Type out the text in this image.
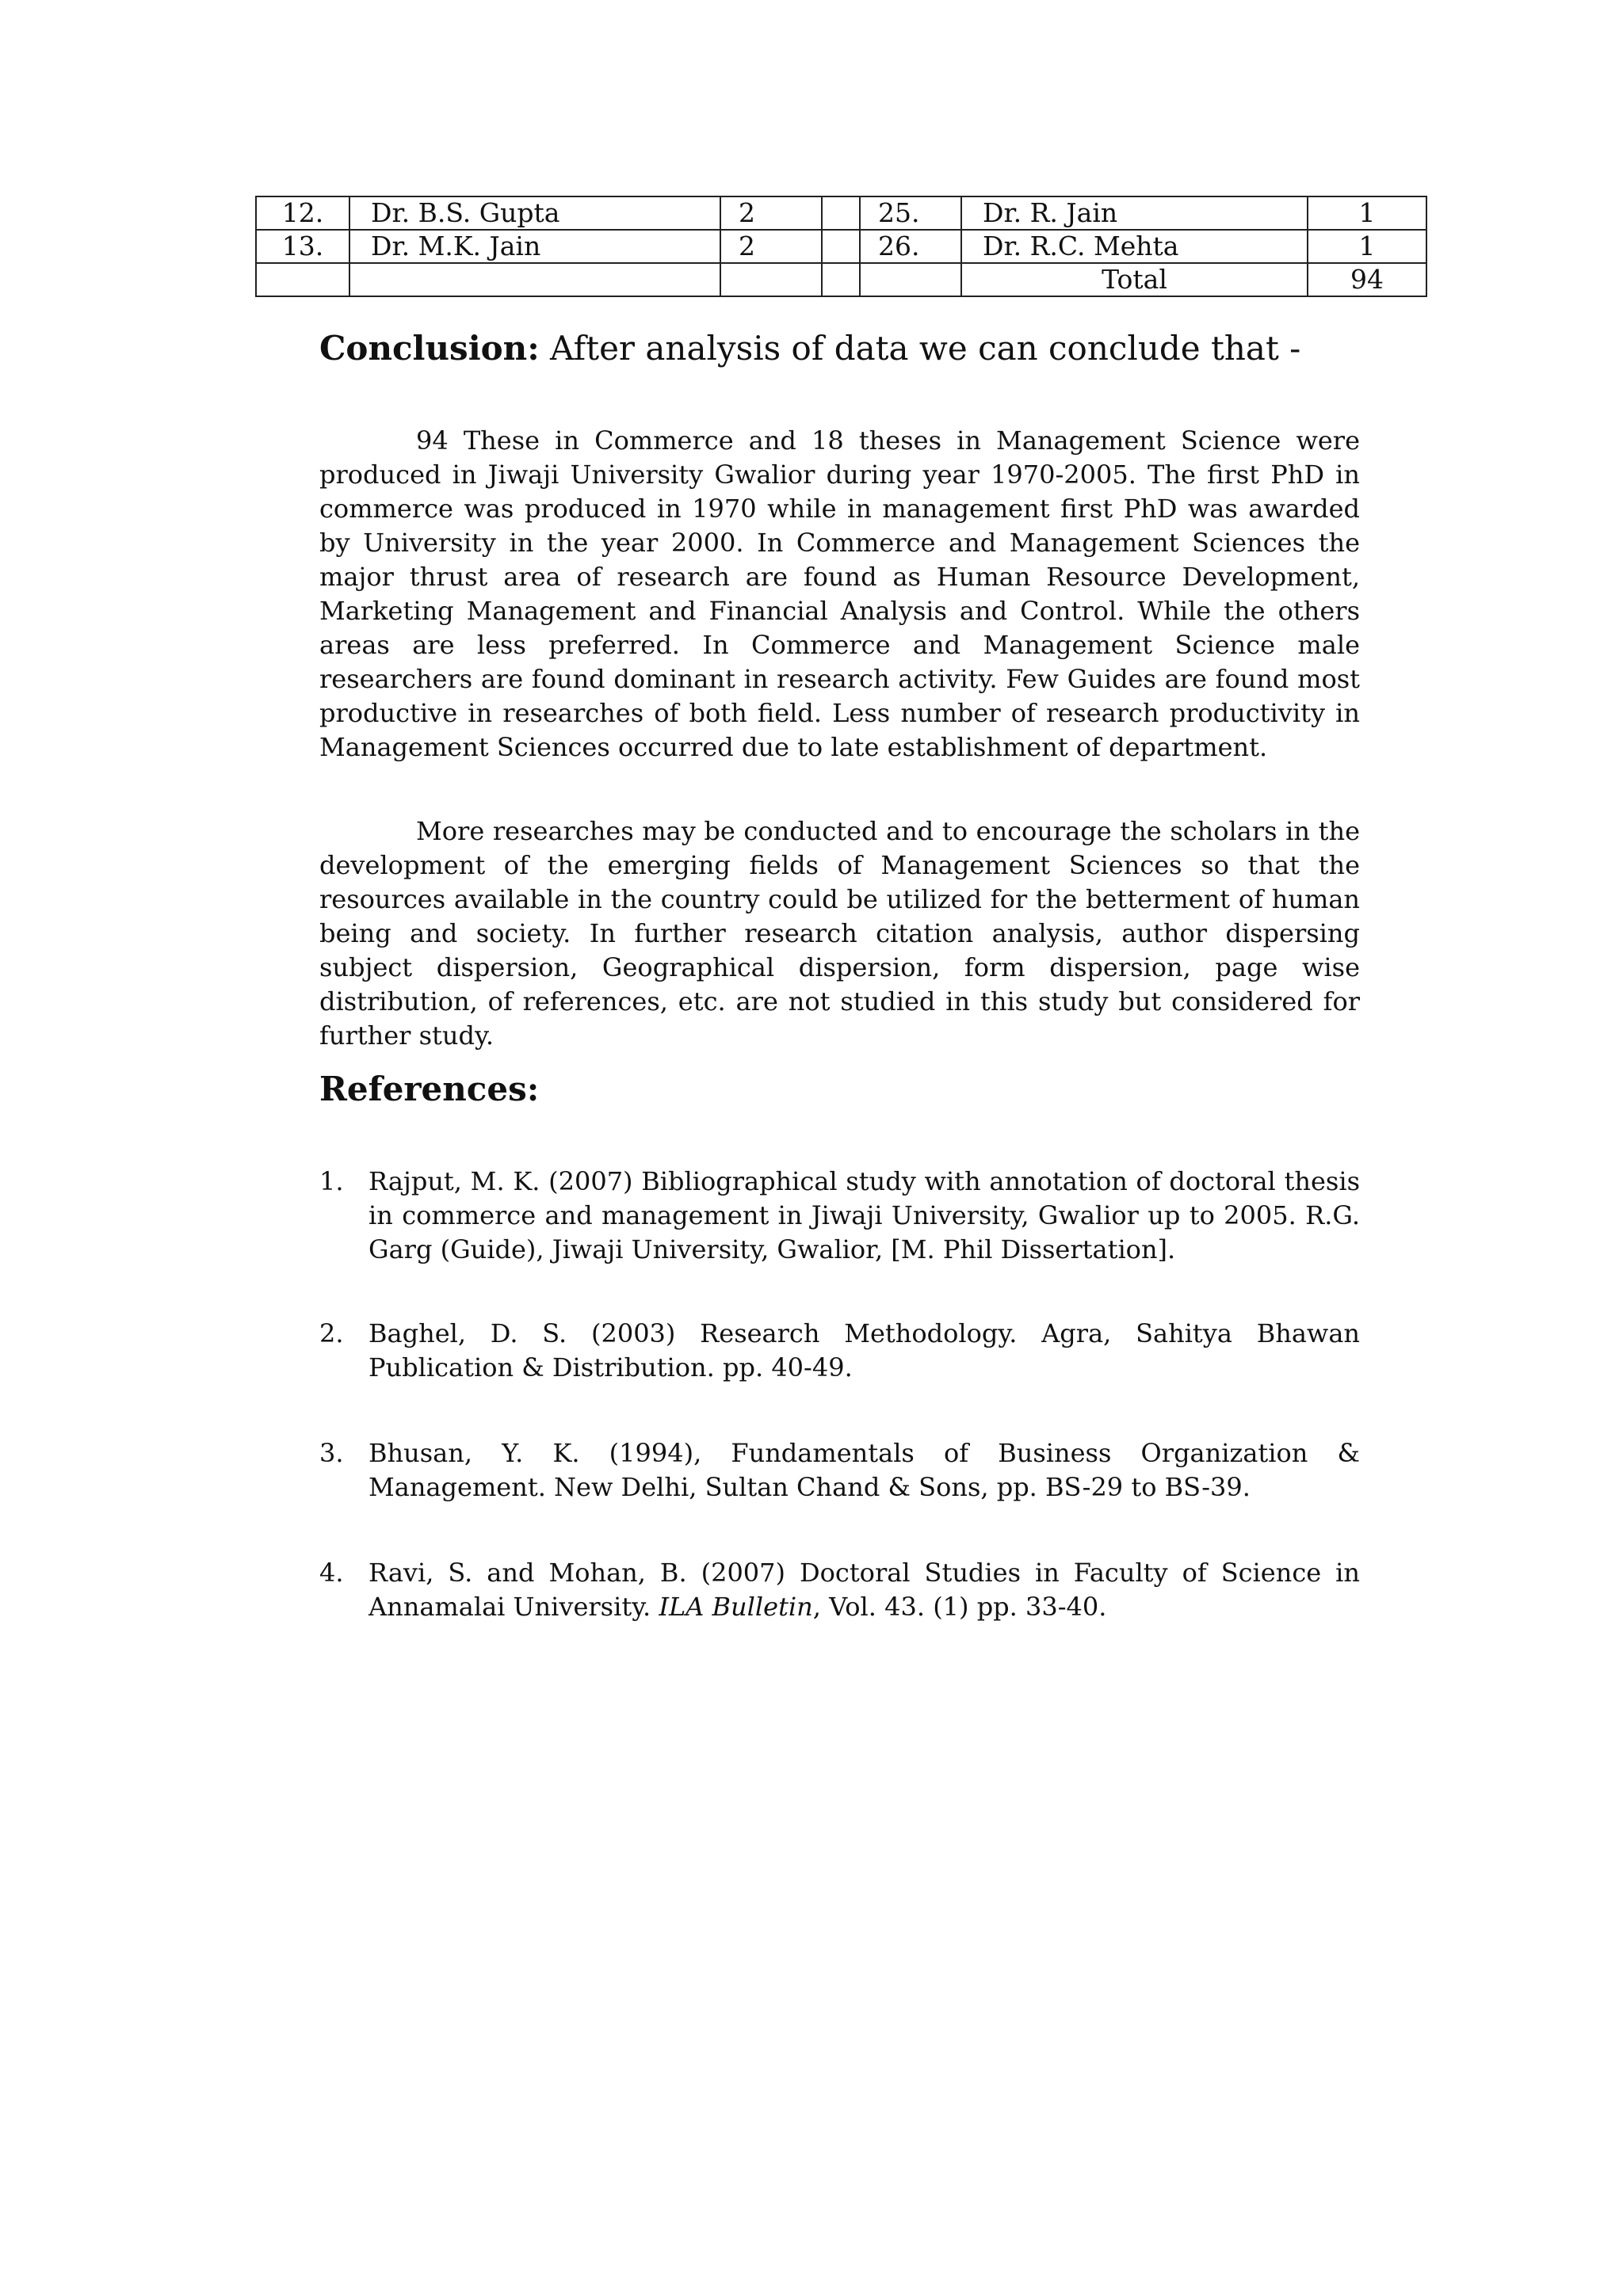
12.	Dr. B.S. Gupta	2		25.	Dr. R. Jain	1
13.	Dr. M.K. Jain	2		26.	Dr. R.C. Mehta	1
					Total	94
Conclusion: After analysis of data we can conclude that -

94 These in Commerce and 18 theses in Management Science were produced in Jiwaji University Gwalior during year 1970-2005. The first PhD in commerce was produced in 1970 while in management first PhD was awarded by University in the year 2000. In Commerce and Management Sciences the major thrust area of research are found as Human Resource Development, Marketing Management and Financial Analysis and Control. While the others areas are less preferred. In Commerce and Management Science male researchers are found dominant in research activity. Few Guides are found most productive in researches of both field. Less number of research productivity in Management Sciences occurred due to late establishment of department.

More researches may be conducted and to encourage the scholars in the development of the emerging fields of Management Sciences so that the resources available in the country could be utilized for the betterment of human being and society. In further research citation analysis, author dispersing subject dispersion, Geographical dispersion, form dispersion, page wise distribution, of references, etc. are not studied in this study but considered for further study.

References:
1. Rajput, M. K. (2007) Bibliographical study with annotation of doctoral thesis in commerce and management in Jiwaji University, Gwalior up to 2005. R.G. Garg (Guide), Jiwaji University, Gwalior, [M. Phil Dissertation].
2. Baghel, D. S. (2003) Research Methodology. Agra, Sahitya Bhawan Publication & Distribution. pp. 40-49.
3. Bhusan, Y. K. (1994), Fundamentals of Business Organization & Management. New Delhi, Sultan Chand & Sons, pp. BS-29 to BS-39.
4. Ravi, S. and Mohan, B. (2007) Doctoral Studies in Faculty of Science in Annamalai University. ILA Bulletin, Vol. 43. (1) pp. 33-40.
